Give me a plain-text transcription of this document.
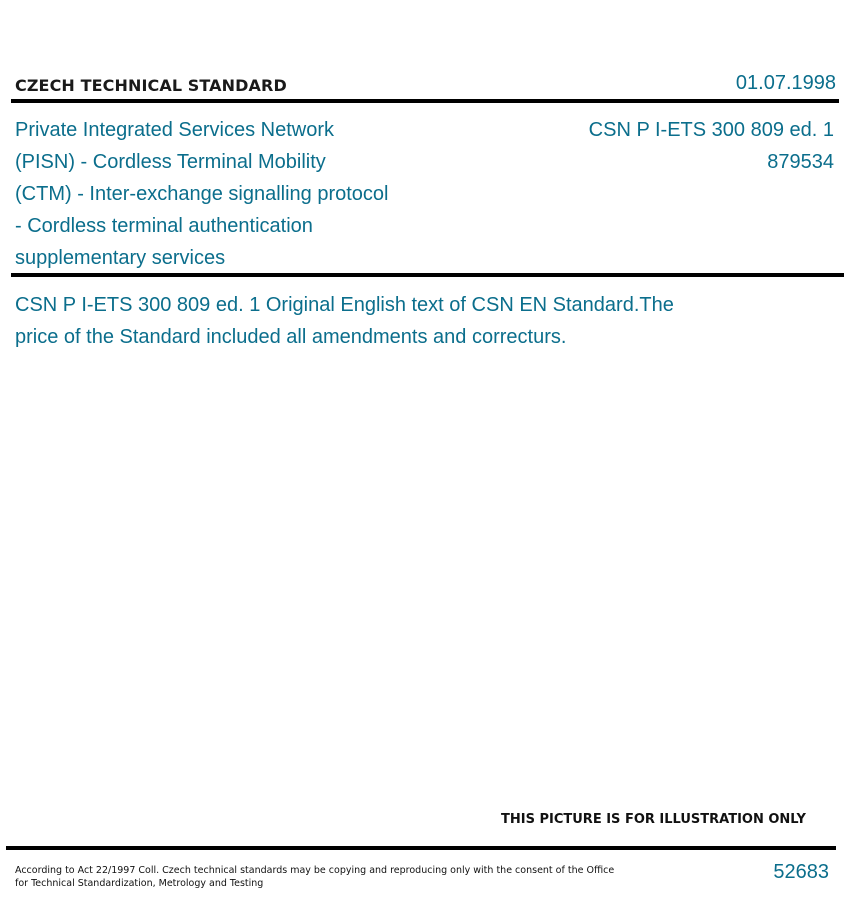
CZECH TECHNICAL STANDARD	01.07.1998
Private Integrated Services Network
(PISN) - Cordless Terminal Mobility
(CTM) - Inter-exchange signalling protocol
- Cordless terminal authentication
supplementary services
CSN P I-ETS 300 809 ed. 1
879534
CSN P I-ETS 300 809 ed. 1 Original English text of CSN EN Standard.The
price of the Standard included all amendments and correcturs.
THIS PICTURE IS FOR ILLUSTRATION ONLY
According to Act 22/1997 Coll. Czech technical standards may be copying and reproducing only with the consent of the Office
for Technical Standardization, Metrology and Testing
52683
